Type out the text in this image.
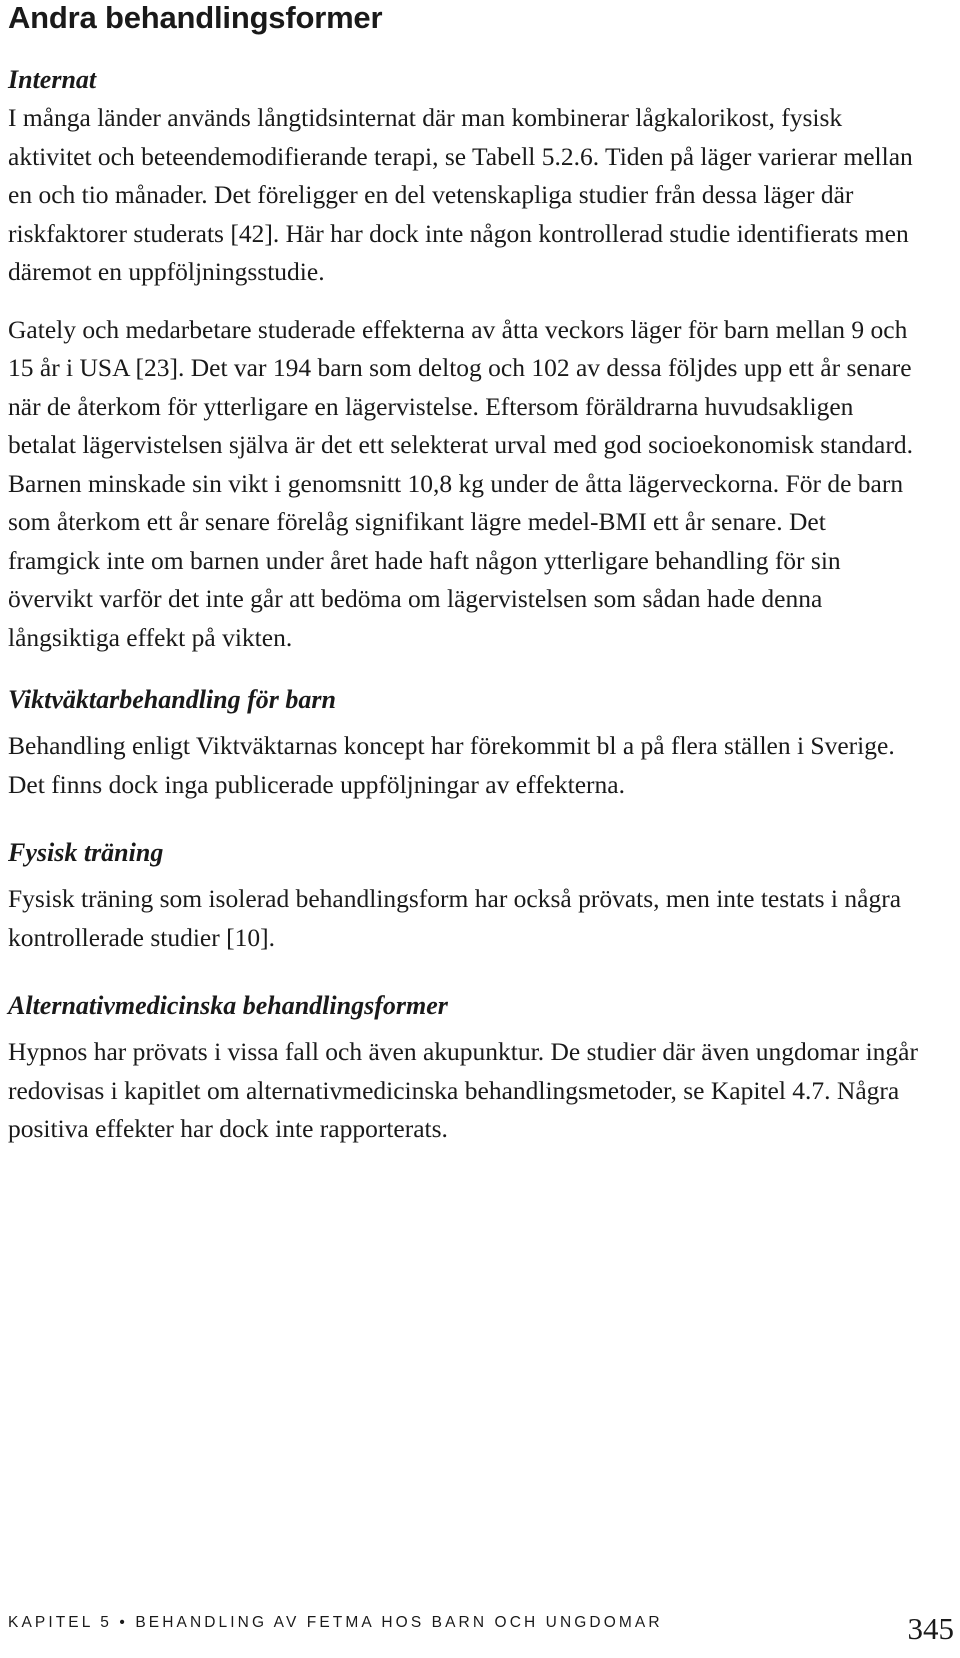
Andra behandlingsformer
Internat

I många länder används långtidsinternat där man kombinerar lågkalorikost, fysisk aktivitet och beteendemodifierande terapi, se Tabell 5.2.6. Tiden på läger varierar mellan en och tio månader. Det föreligger en del vetenskapliga studier från dessa läger där riskfaktorer studerats [42]. Här har dock inte någon kontrollerad studie identifierats men däremot en uppföljningsstudie.

Gately och medarbetare studerade effekterna av åtta veckors läger för barn mellan 9 och 15 år i USA [23]. Det var 194 barn som deltog och 102 av dessa följdes upp ett år senare när de återkom för ytterligare en lägervistelse. Eftersom föräldrarna huvudsakligen betalat lägervistelsen själva är det ett selekterat urval med god socioekonomisk standard. Barnen minskade sin vikt i genomsnitt 10,8 kg under de åtta lägerveckorna. För de barn som återkom ett år senare förelåg signifikant lägre medel-BMI ett år senare. Det framgick inte om barnen under året hade haft någon ytterligare behandling för sin övervikt varför det inte går att bedöma om lägervistelsen som sådan hade denna långsiktiga effekt på vikten.

Viktväktarbehandling för barn

Behandling enligt Viktväktarnas koncept har förekommit bl a på flera ställen i Sverige. Det finns dock inga publicerade uppföljningar av effekterna.

Fysisk träning

Fysisk träning som isolerad behandlingsform har också prövats, men inte testats i några kontrollerade studier [10].

Alternativmedicinska behandlingsformer

Hypnos har prövats i vissa fall och även akupunktur. De studier där även ungdomar ingår redovisas i kapitlet om alternativmedicinska behandlingsmetoder, se Kapitel 4.7. Några positiva effekter har dock inte rapporterats.

KAPITEL 5 • BEHANDLING AV FETMA HOS BARN OCH UNGDOMAR	345
